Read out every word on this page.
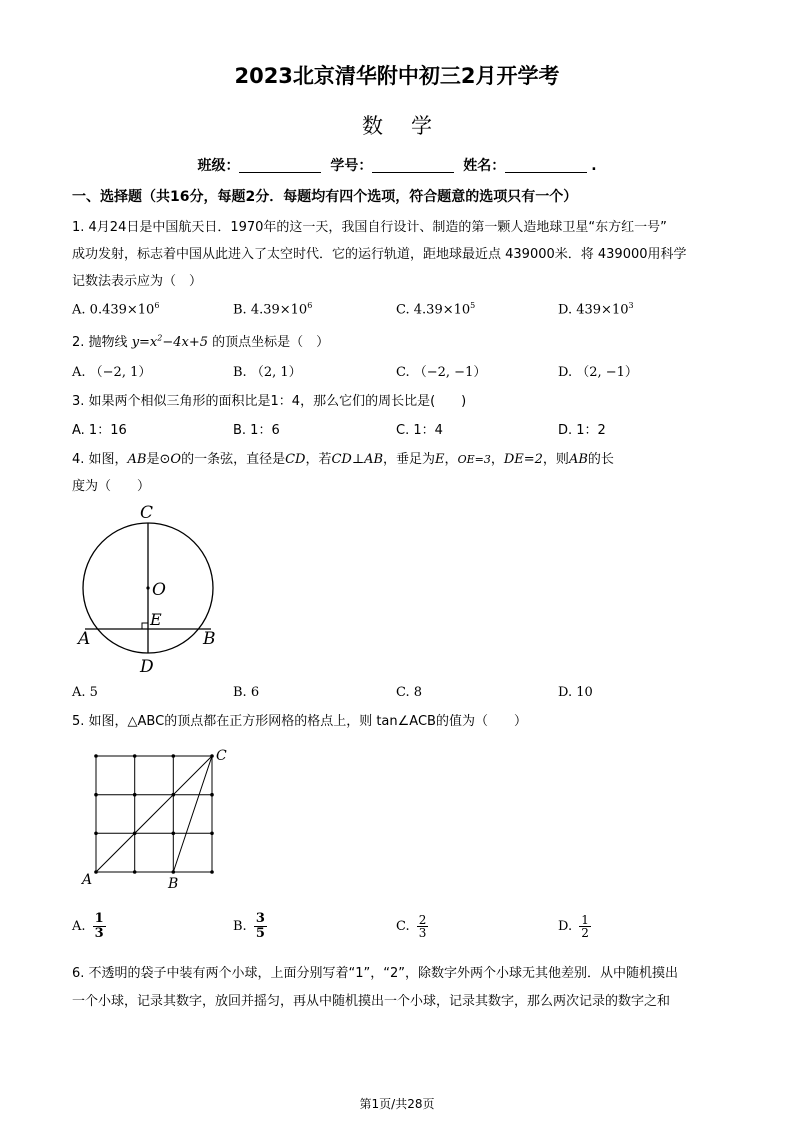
2023北京清华附中初三2月开学考
数学
班级：	学号：	姓名：	.
一、选择题（共16分，每题2分．每题均有四个选项，符合题意的选项只有一个）
1. 4月24日是中国航天日．1970年的这一天，我国自行设计、制造的第一颗人造地球卫星“东方红一号”
成功发射，标志着中国从此进入了太空时代．它的运行轨道，距地球最近点 439000米．将 439000用科学
记数法表示应为（　）
A. $0.439\times 10^6$	B. $4.39\times 10^6$	C. $4.39\times 10^5$	D. $439\times 10^3$
2. 抛物线 $y=x^2-4x+5$ 的顶点坐标是（　）
A. （−2, 1）	B. （2, 1）	C. （−2, −1）	D. （2, −1）
3. 如果两个相似三角形的面积比是1：4，那么它们的周长比是(　　)
A. 1：16	B. 1：6	C. 1：4	D. 1：2
4. 如图，AB是⊙O的一条弦，直径是CD，若CD⊥AB，垂足为E，OE=3，DE=2，则AB的长
度为（　　）
C
O
E
A	B
D
A. 5	B. 6	C. 8	D. 10
5. 如图，△ABC的顶点都在正方形网格的格点上，则 tan∠ACB的值为（　　）
A	B
C
A. $\frac{1}{3}$	B. $\frac{3}{5}$	C. $\frac{2}{3}$	D. $\frac{1}{2}$
6. 不透明的袋子中装有两个小球，上面分别写着“1”，“2”，除数字外两个小球无其他差别．从中随机摸出
一个小球，记录其数字，放回并摇匀，再从中随机摸出一个小球，记录其数字，那么两次记录的数字之和
第1页/共28页
